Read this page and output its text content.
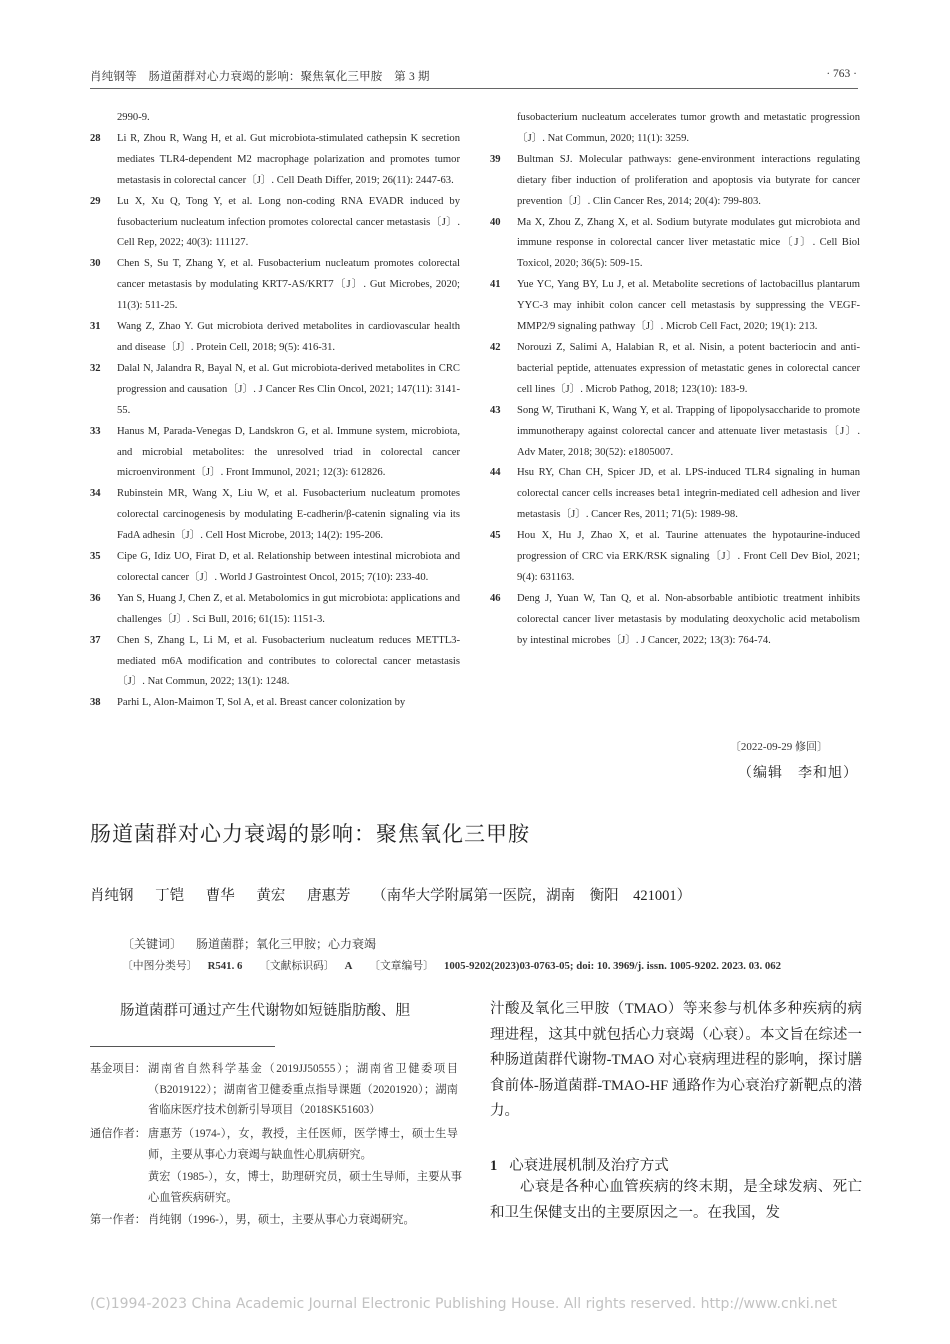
肖纯钢等　肠道菌群对心力衰竭的影响：聚焦氧化三甲胺　第 3 期	· 763 ·
2990-9.
28	Li R, Zhou R, Wang H, et al. Gut microbiota-stimulated cathepsin K secretion mediates TLR4-dependent M2 macrophage polarization and promotes tumor metastasis in colorectal cancer〔J〕. Cell Death Differ, 2019; 26(11): 2447-63.
29	Lu X, Xu Q, Tong Y, et al. Long non-coding RNA EVADR induced by fusobacterium nucleatum infection promotes colorectal cancer metastasis〔J〕. Cell Rep, 2022; 40(3): 111127.
30	Chen S, Su T, Zhang Y, et al. Fusobacterium nucleatum promotes colorectal cancer metastasis by modulating KRT7-AS/KRT7〔J〕. Gut Microbes, 2020; 11(3): 511-25.
31	Wang Z, Zhao Y. Gut microbiota derived metabolites in cardiovascular health and disease〔J〕. Protein Cell, 2018; 9(5): 416-31.
32	Dalal N, Jalandra R, Bayal N, et al. Gut microbiota-derived metabolites in CRC progression and causation〔J〕. J Cancer Res Clin Oncol, 2021; 147(11): 3141-55.
33	Hanus M, Parada-Venegas D, Landskron G, et al. Immune system, microbiota, and microbial metabolites: the unresolved triad in colorectal cancer microenvironment〔J〕. Front Immunol, 2021; 12(3): 612826.
34	Rubinstein MR, Wang X, Liu W, et al. Fusobacterium nucleatum promotes colorectal carcinogenesis by modulating E-cadherin/β-catenin signaling via its FadA adhesin〔J〕. Cell Host Microbe, 2013; 14(2): 195-206.
35	Cipe G, Idiz UO, Firat D, et al. Relationship between intestinal microbiota and colorectal cancer〔J〕. World J Gastrointest Oncol, 2015; 7(10): 233-40.
36	Yan S, Huang J, Chen Z, et al. Metabolomics in gut microbiota: applications and challenges〔J〕. Sci Bull, 2016; 61(15): 1151-3.
37	Chen S, Zhang L, Li M, et al. Fusobacterium nucleatum reduces METTL3-mediated m6A modification and contributes to colorectal cancer metastasis〔J〕. Nat Commun, 2022; 13(1): 1248.
38	Parhi L, Alon-Maimon T, Sol A, et al. Breast cancer colonization by
fusobacterium nucleatum accelerates tumor growth and metastatic progression〔J〕. Nat Commun, 2020; 11(1): 3259.
39	Bultman SJ. Molecular pathways: gene-environment interactions regulating dietary fiber induction of proliferation and apoptosis via butyrate for cancer prevention〔J〕. Clin Cancer Res, 2014; 20(4): 799-803.
40	Ma X, Zhou Z, Zhang X, et al. Sodium butyrate modulates gut microbiota and immune response in colorectal cancer liver metastatic mice〔J〕. Cell Biol Toxicol, 2020; 36(5): 509-15.
41	Yue YC, Yang BY, Lu J, et al. Metabolite secretions of lactobacillus plantarum YYC-3 may inhibit colon cancer cell metastasis by suppressing the VEGF-MMP2/9 signaling pathway〔J〕. Microb Cell Fact, 2020; 19(1): 213.
42	Norouzi Z, Salimi A, Halabian R, et al. Nisin, a potent bacteriocin and anti-bacterial peptide, attenuates expression of metastatic genes in colorectal cancer cell lines〔J〕. Microb Pathog, 2018; 123(10): 183-9.
43	Song W, Tiruthani K, Wang Y, et al. Trapping of lipopolysaccharide to promote immunotherapy against colorectal cancer and attenuate liver metastasis〔J〕. Adv Mater, 2018; 30(52): e1805007.
44	Hsu RY, Chan CH, Spicer JD, et al. LPS-induced TLR4 signaling in human colorectal cancer cells increases beta1 integrin-mediated cell adhesion and liver metastasis〔J〕. Cancer Res, 2011; 71(5): 1989-98.
45	Hou X, Hu J, Zhao X, et al. Taurine attenuates the hypotaurine-induced progression of CRC via ERK/RSK signaling〔J〕. Front Cell Dev Biol, 2021; 9(4): 631163.
46	Deng J, Yuan W, Tan Q, et al. Non-absorbable antibiotic treatment inhibits colorectal cancer liver metastasis by modulating deoxycholic acid metabolism by intestinal microbes〔J〕. J Cancer, 2022; 13(3): 764-74.
〔2022-09-29 修回〕
（编辑　李和旭）
肠道菌群对心力衰竭的影响：聚焦氧化三甲胺
肖纯钢 丁铠 曹华 黄宏 唐惠芳 （南华大学附属第一医院，湖南　衡阳　421001）
〔关键词〕 肠道菌群；氧化三甲胺；心力衰竭
〔中图分类号〕 R541. 6 〔文献标识码〕 A 〔文章编号〕 1005-9202(2023)03-0763-05; doi: 10. 3969/j. issn. 1005-9202. 2023. 03. 062
肠道菌群可通过产生代谢物如短链脂肪酸、胆
基金项目： 湖南省自然科学基金（2019JJ50555）；湖南省卫健委项目（B2019122）；湖南省卫健委重点指导课题（20201920）；湖南省临床医疗技术创新引导项目（2018SK51603）
通信作者： 唐惠芳（1974-），女，教授，主任医师，医学博士，硕士生导师，主要从事心力衰竭与缺血性心肌病研究。
黄宏（1985-），女，博士，助理研究员，硕士生导师，主要从事心血管疾病研究。
第一作者： 肖纯钢（1996-），男，硕士，主要从事心力衰竭研究。
汁酸及氧化三甲胺（TMAO）等来参与机体多种疾病的病理进程，这其中就包括心力衰竭（心衰）。本文旨在综述一种肠道菌群代谢物-TMAO 对心衰病理进程的影响，探讨膳食前体-肠道菌群-TMAO-HF 通路作为心衰治疗新靶点的潜力。
1 心衰进展机制及治疗方式
心衰是各种心血管疾病的终末期，是全球发病、死亡和卫生保健支出的主要原因之一。在我国，发
(C)1994-2023 China Academic Journal Electronic Publishing House. All rights reserved. http://www.cnki.net
